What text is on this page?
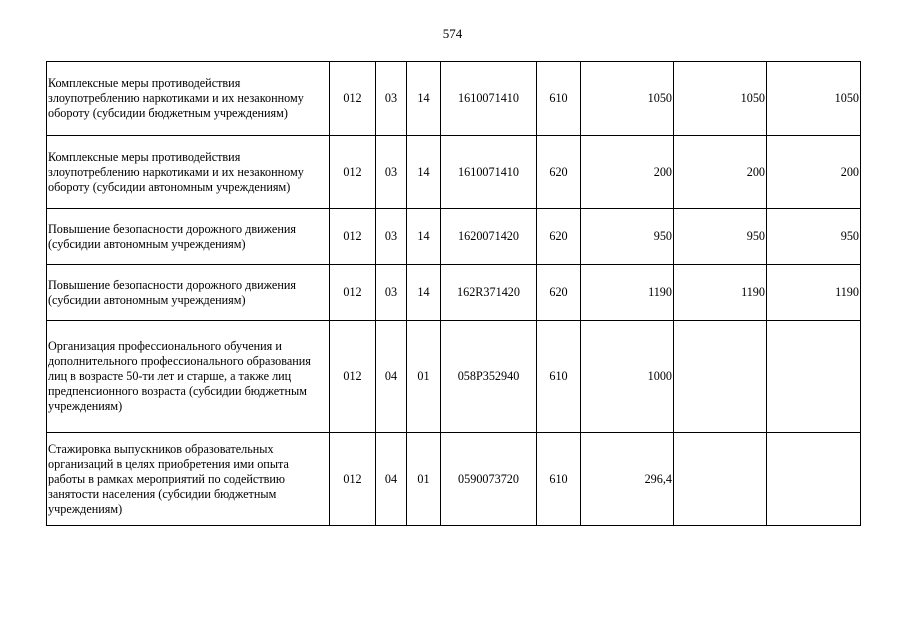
574
Комплексные меры противодействия злоупотреблению наркотиками и их незаконному обороту (субсидии бюджетным учреждениям)	012	03	14	1610071410	610	1050	1050	1050
Комплексные меры противодействия злоупотреблению наркотиками и их незаконному обороту (субсидии автономным учреждениям)	012	03	14	1610071410	620	200	200	200
Повышение безопасности дорожного движения (субсидии автономным учреждениям)	012	03	14	1620071420	620	950	950	950
Повышение безопасности дорожного движения (субсидии автономным учреждениям)	012	03	14	162R371420	620	1190	1190	1190
Организация профессионального обучения и дополнительного профессионального образования лиц в возрасте 50-ти лет и старше, а также лиц предпенсионного возраста (субсидии бюджетным учреждениям)	012	04	01	058P352940	610	1000		
Стажировка выпускников образовательных организаций в целях приобретения ими опыта работы в рамках мероприятий по содействию занятости населения (субсидии бюджетным учреждениям)	012	04	01	0590073720	610	296,4		
